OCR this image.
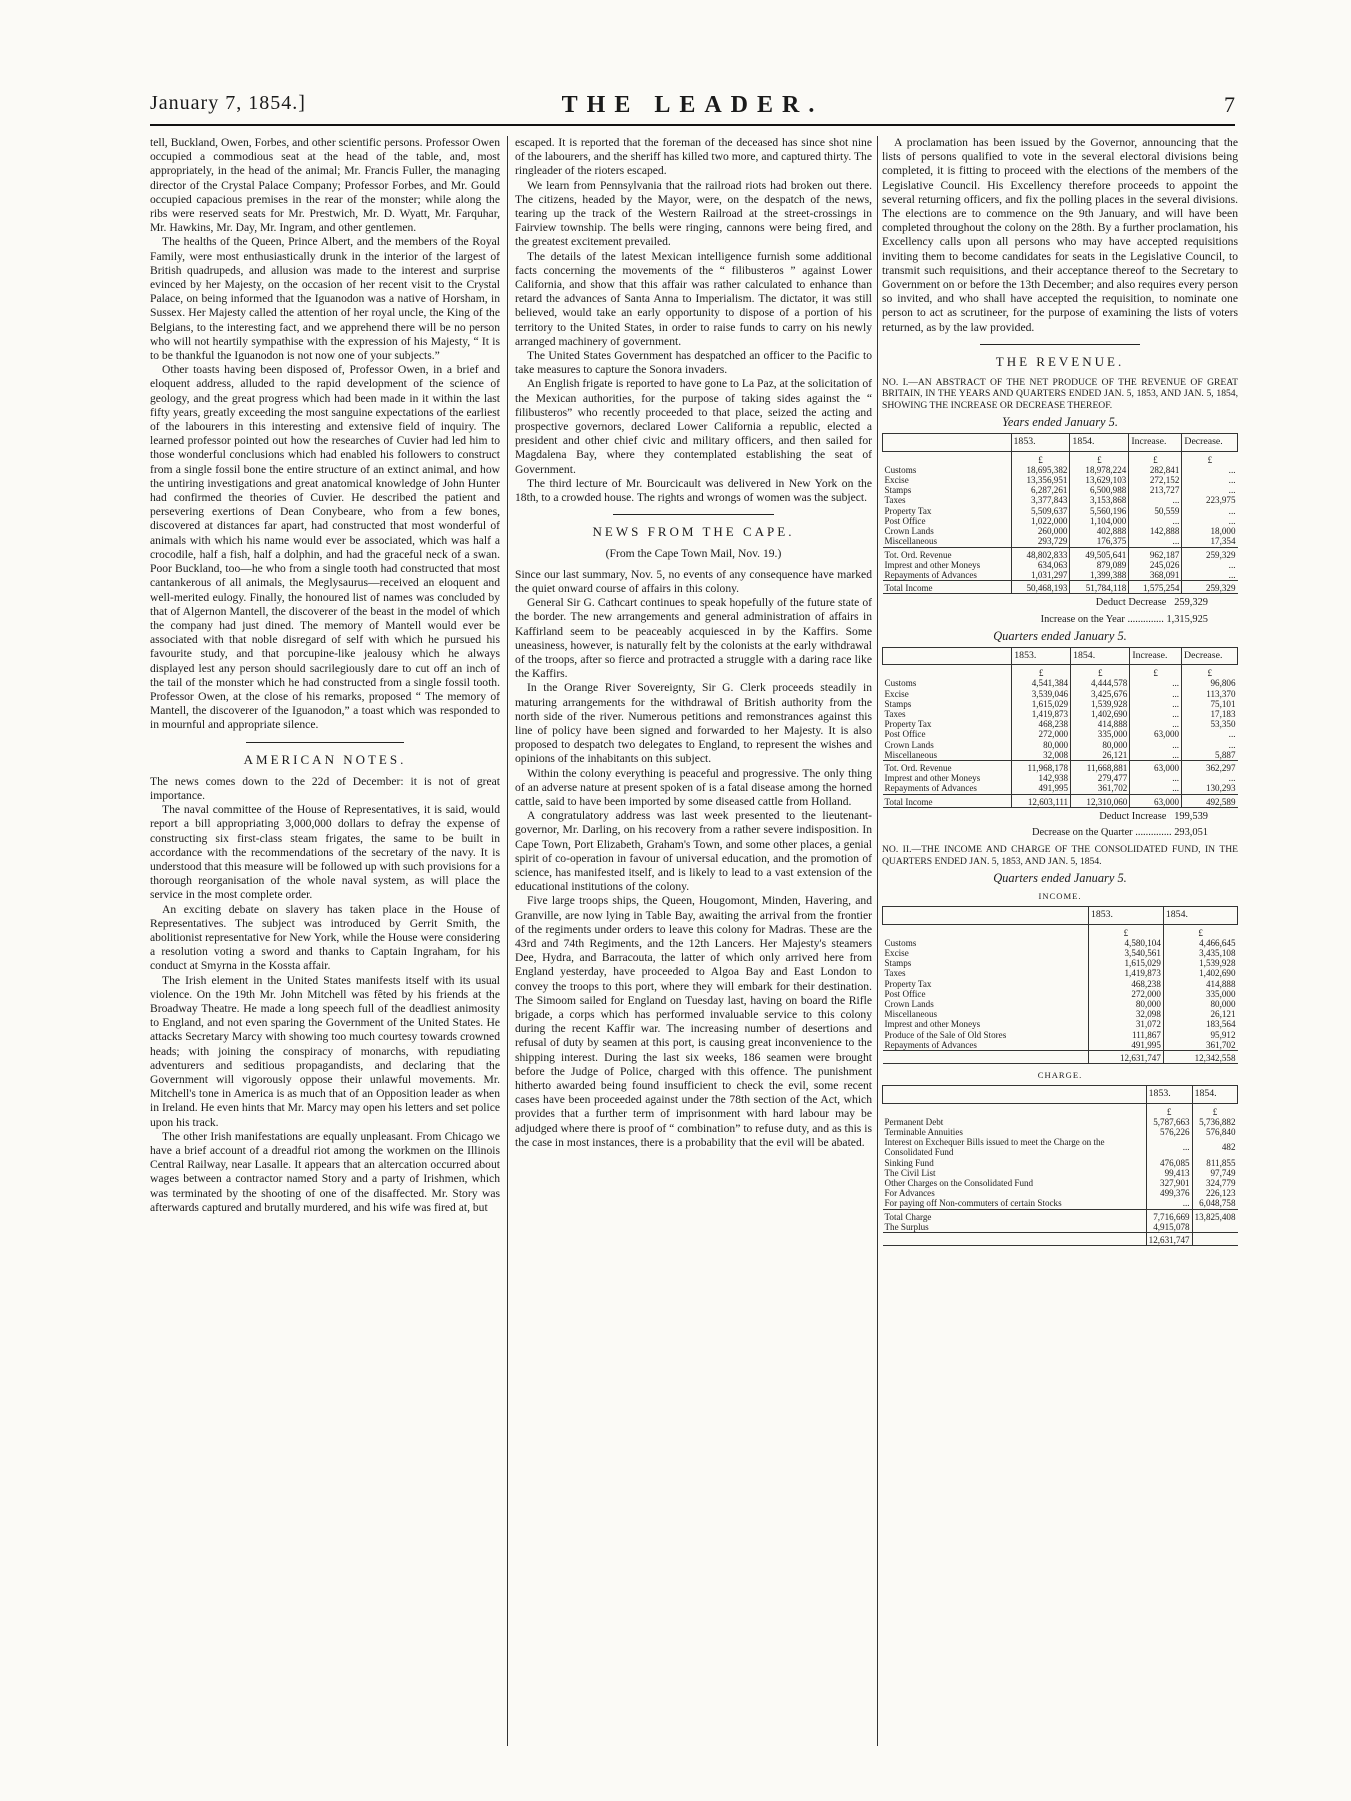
January 7, 1854.]	THE LEADER.	7

tell, Buckland, Owen, Forbes, and other scientific persons. Professor Owen occupied a commodious seat at the head of the table, and, most appropriately, in the head of the animal; Mr. Francis Fuller, the managing director of the Crystal Palace Company; Professor Forbes, and Mr. Gould occupied capacious premises in the rear of the monster; while along the ribs were reserved seats for Mr. Prestwich, Mr. D. Wyatt, Mr. Farquhar, Mr. Hawkins, Mr. Day, Mr. Ingram, and other gentlemen.

The healths of the Queen, Prince Albert, and the members of the Royal Family, were most enthusiastically drunk in the interior of the largest of British quadrupeds, and allusion was made to the interest and surprise evinced by her Majesty, on the occasion of her recent visit to the Crystal Palace, on being informed that the Iguanodon was a native of Horsham, in Sussex. Her Majesty called the attention of her royal uncle, the King of the Belgians, to the interesting fact, and we apprehend there will be no person who will not heartily sympathise with the expression of his Majesty, “ It is to be thankful the Iguanodon is not now one of your subjects.”

Other toasts having been disposed of, Professor Owen, in a brief and eloquent address, alluded to the rapid development of the science of geology, and the great progress which had been made in it within the last fifty years, greatly exceeding the most sanguine expectations of the earliest of the labourers in this interesting and extensive field of inquiry. The learned professor pointed out how the researches of Cuvier had led him to those wonderful conclusions which had enabled his followers to construct from a single fossil bone the entire structure of an extinct animal, and how the untiring investigations and great anatomical knowledge of John Hunter had confirmed the theories of Cuvier. He described the patient and persevering exertions of Dean Conybeare, who from a few bones, discovered at distances far apart, had constructed that most wonderful of animals with which his name would ever be associated, which was half a crocodile, half a fish, half a dolphin, and had the graceful neck of a swan. Poor Buckland, too—he who from a single tooth had constructed that most cantankerous of all animals, the Meglysaurus—received an eloquent and well-merited eulogy. Finally, the honoured list of names was concluded by that of Algernon Mantell, the discoverer of the beast in the model of which the company had just dined. The memory of Mantell would ever be associated with that noble disregard of self with which he pursued his favourite study, and that porcupine-like jealousy which he always displayed lest any person should sacrilegiously dare to cut off an inch of the tail of the monster which he had constructed from a single fossil tooth. Professor Owen, at the close of his remarks, proposed “ The memory of Mantell, the discoverer of the Iguanodon,” a toast which was responded to in mournful and appropriate silence.

AMERICAN NOTES.

The news comes down to the 22d of December: it is not of great importance.

The naval committee of the House of Representatives, it is said, would report a bill appropriating 3,000,000 dollars to defray the expense of constructing six first-class steam frigates, the same to be built in accordance with the recommendations of the secretary of the navy. It is understood that this measure will be followed up with such provisions for a thorough reorganisation of the whole naval system, as will place the service in the most complete order.

An exciting debate on slavery has taken place in the House of Representatives. The subject was introduced by Gerrit Smith, the abolitionist representative for New York, while the House were considering a resolution voting a sword and thanks to Captain Ingraham, for his conduct at Smyrna in the Kossta affair.

The Irish element in the United States manifests itself with its usual violence. On the 19th Mr. John Mitchell was fêted by his friends at the Broadway Theatre. He made a long speech full of the deadliest animosity to England, and not even sparing the Government of the United States. He attacks Secretary Marcy with showing too much courtesy towards crowned heads; with joining the conspiracy of monarchs, with repudiating adventurers and seditious propagandists, and declaring that the Government will vigorously oppose their unlawful movements. Mr. Mitchell's tone in America is as much that of an Opposition leader as when in Ireland. He even hints that Mr. Marcy may open his letters and set police upon his track.

The other Irish manifestations are equally unpleasant. From Chicago we have a brief account of a dreadful riot among the workmen on the Illinois Central Railway, near Lasalle. It appears that an altercation occurred about wages between a contractor named Story and a party of Irishmen, which was terminated by the shooting of one of the disaffected. Mr. Story was afterwards captured and brutally murdered, and his wife was fired at, but

escaped. It is reported that the foreman of the deceased has since shot nine of the labourers, and the sheriff has killed two more, and captured thirty. The ringleader of the rioters escaped.

We learn from Pennsylvania that the railroad riots had broken out there. The citizens, headed by the Mayor, were, on the despatch of the news, tearing up the track of the Western Railroad at the street-crossings in Fairview township. The bells were ringing, cannons were being fired, and the greatest excitement prevailed.

The details of the latest Mexican intelligence furnish some additional facts concerning the movements of the “ filibusteros ” against Lower California, and show that this affair was rather calculated to enhance than retard the advances of Santa Anna to Imperialism. The dictator, it was still believed, would take an early opportunity to dispose of a portion of his territory to the United States, in order to raise funds to carry on his newly arranged machinery of government.

The United States Government has despatched an officer to the Pacific to take measures to capture the Sonora invaders.

An English frigate is reported to have gone to La Paz, at the solicitation of the Mexican authorities, for the purpose of taking sides against the “ filibusteros” who recently proceeded to that place, seized the acting and prospective governors, declared Lower California a republic, elected a president and other chief civic and military officers, and then sailed for Magdalena Bay, where they contemplated establishing the seat of Government.

The third lecture of Mr. Bourcicault was delivered in New York on the 18th, to a crowded house. The rights and wrongs of women was the subject.

NEWS FROM THE CAPE.
(From the Cape Town Mail, Nov. 19.)

Since our last summary, Nov. 5, no events of any consequence have marked the quiet onward course of affairs in this colony.

General Sir G. Cathcart continues to speak hopefully of the future state of the border. The new arrangements and general administration of affairs in Kaffirland seem to be peaceably acquiesced in by the Kaffirs. Some uneasiness, however, is naturally felt by the colonists at the early withdrawal of the troops, after so fierce and protracted a struggle with a daring race like the Kaffirs.

In the Orange River Sovereignty, Sir G. Clerk proceeds steadily in maturing arrangements for the withdrawal of British authority from the north side of the river. Numerous petitions and remonstrances against this line of policy have been signed and forwarded to her Majesty. It is also proposed to despatch two delegates to England, to represent the wishes and opinions of the inhabitants on this subject.

Within the colony everything is peaceful and progressive. The only thing of an adverse nature at present spoken of is a fatal disease among the horned cattle, said to have been imported by some diseased cattle from Holland.

A congratulatory address was last week presented to the lieutenant-governor, Mr. Darling, on his recovery from a rather severe indisposition. In Cape Town, Port Elizabeth, Graham's Town, and some other places, a genial spirit of co-operation in favour of universal education, and the promotion of science, has manifested itself, and is likely to lead to a vast extension of the educational institutions of the colony.

Five large troops ships, the Queen, Hougomont, Minden, Havering, and Granville, are now lying in Table Bay, awaiting the arrival from the frontier of the regiments under orders to leave this colony for Madras. These are the 43rd and 74th Regiments, and the 12th Lancers. Her Majesty's steamers Dee, Hydra, and Barracouta, the latter of which only arrived here from England yesterday, have proceeded to Algoa Bay and East London to convey the troops to this port, where they will embark for their destination. The Simoom sailed for England on Tuesday last, having on board the Rifle brigade, a corps which has performed invaluable service to this colony during the recent Kaffir war. The increasing number of desertions and refusal of duty by seamen at this port, is causing great inconvenience to the shipping interest. During the last six weeks, 186 seamen were brought before the Judge of Police, charged with this offence. The punishment hitherto awarded being found insufficient to check the evil, some recent cases have been proceeded against under the 78th section of the Act, which provides that a further term of imprisonment with hard labour may be adjudged where there is proof of “ combination” to refuse duty, and as this is the case in most instances, there is a probability that the evil will be abated.

A proclamation has been issued by the Governor, announcing that the lists of persons qualified to vote in the several electoral divisions being completed, it is fitting to proceed with the elections of the members of the Legislative Council. His Excellency therefore proceeds to appoint the several returning officers, and fix the polling places in the several divisions. The elections are to commence on the 9th January, and will have been completed throughout the colony on the 28th. By a further proclamation, his Excellency calls upon all persons who may have accepted requisitions inviting them to become candidates for seats in the Legislative Council, to transmit such requisitions, and their acceptance thereof to the Secretary to Government on or before the 13th December; and also requires every person so invited, and who shall have accepted the requisition, to nominate one person to act as scrutineer, for the purpose of examining the lists of voters returned, as by the law provided.

THE REVENUE.

NO. I.—AN ABSTRACT OF THE NET PRODUCE OF THE REVENUE OF GREAT BRITAIN, IN THE YEARS AND QUARTERS ENDED JAN. 5, 1853, AND JAN. 5, 1854, SHOWING THE INCREASE OR DECREASE THEREOF.

Years ended January 5.
	1853.	1854.	Increase.	Decrease.
	£	£	£	£
Customs	18,695,382	18,978,224	282,841	...
Excise	13,356,951	13,629,103	272,152	...
Stamps	6,287,261	6,500,988	213,727	...
Taxes	3,377,843	3,153,868	...	223,975
Property Tax	5,509,637	5,560,196	50,559	...
Post Office	1,022,000	1,104,000	...	...
Crown Lands	260,000	402,888	142,888	18,000
Miscellaneous	293,729	176,375	...	17,354
Tot. Ord. Revenue	48,802,833	49,505,641	962,187	259,329
Imprest and other Moneys	634,063	879,089	245,026	...
Repayments of Advances	1,031,297	1,399,388	368,091	...
Total Income	50,468,193	51,784,118	1,575,254	259,329
Deduct Decrease 259,329
Increase on the Year .............. 1,315,925
Quarters ended January 5.
	1853.	1854.	Increase.	Decrease.
	£	£	£	£
Customs	4,541,384	4,444,578	...	96,806
Excise	3,539,046	3,425,676	...	113,370
Stamps	1,615,029	1,539,928	...	75,101
Taxes	1,419,873	1,402,690	...	17,183
Property Tax	468,238	414,888	...	53,350
Post Office	272,000	335,000	63,000	...
Crown Lands	80,000	80,000	...	...
Miscellaneous	32,008	26,121	...	5,887
Tot. Ord. Revenue	11,968,178	11,668,881	63,000	362,297
Imprest and other Moneys	142,938	279,477	...	...
Repayments of Advances	491,995	361,702	...	130,293
Total Income	12,603,111	12,310,060	63,000	492,589
Deduct Increase 199,539
Decrease on the Quarter .............. 293,051

NO. II.—THE INCOME AND CHARGE OF THE CONSOLIDATED FUND, IN THE QUARTERS ENDED JAN. 5, 1853, AND JAN. 5, 1854.

Quarters ended January 5.
INCOME.
	1853.	1854.
	£	£
Customs	4,580,104	4,466,645
Excise	3,540,561	3,435,108
Stamps	1,615,029	1,539,928
Taxes	1,419,873	1,402,690
Property Tax	468,238	414,888
Post Office	272,000	335,000
Crown Lands	80,000	80,000
Miscellaneous	32,098	26,121
Imprest and other Moneys	31,072	183,564
Produce of the Sale of Old Stores	111,867	95,912
Repayments of Advances	491,995	361,702
	12,631,747	12,342,558
CHARGE.
	1853.	1854.
	£	£
Permanent Debt	5,787,663	5,736,882
Terminable Annuities	576,226	576,840
Interest on Exchequer Bills issued to meet the Charge on the Consolidated Fund	...	482
Sinking Fund	476,085	811,855
The Civil List	99,413	97,749
Other Charges on the Consolidated Fund	327,901	324,779
For Advances	499,376	226,123
For paying off Non-commuters of certain Stocks	...	6,048,758
Total Charge	7,716,669	13,825,408
The Surplus	4,915,078	
	12,631,747	
